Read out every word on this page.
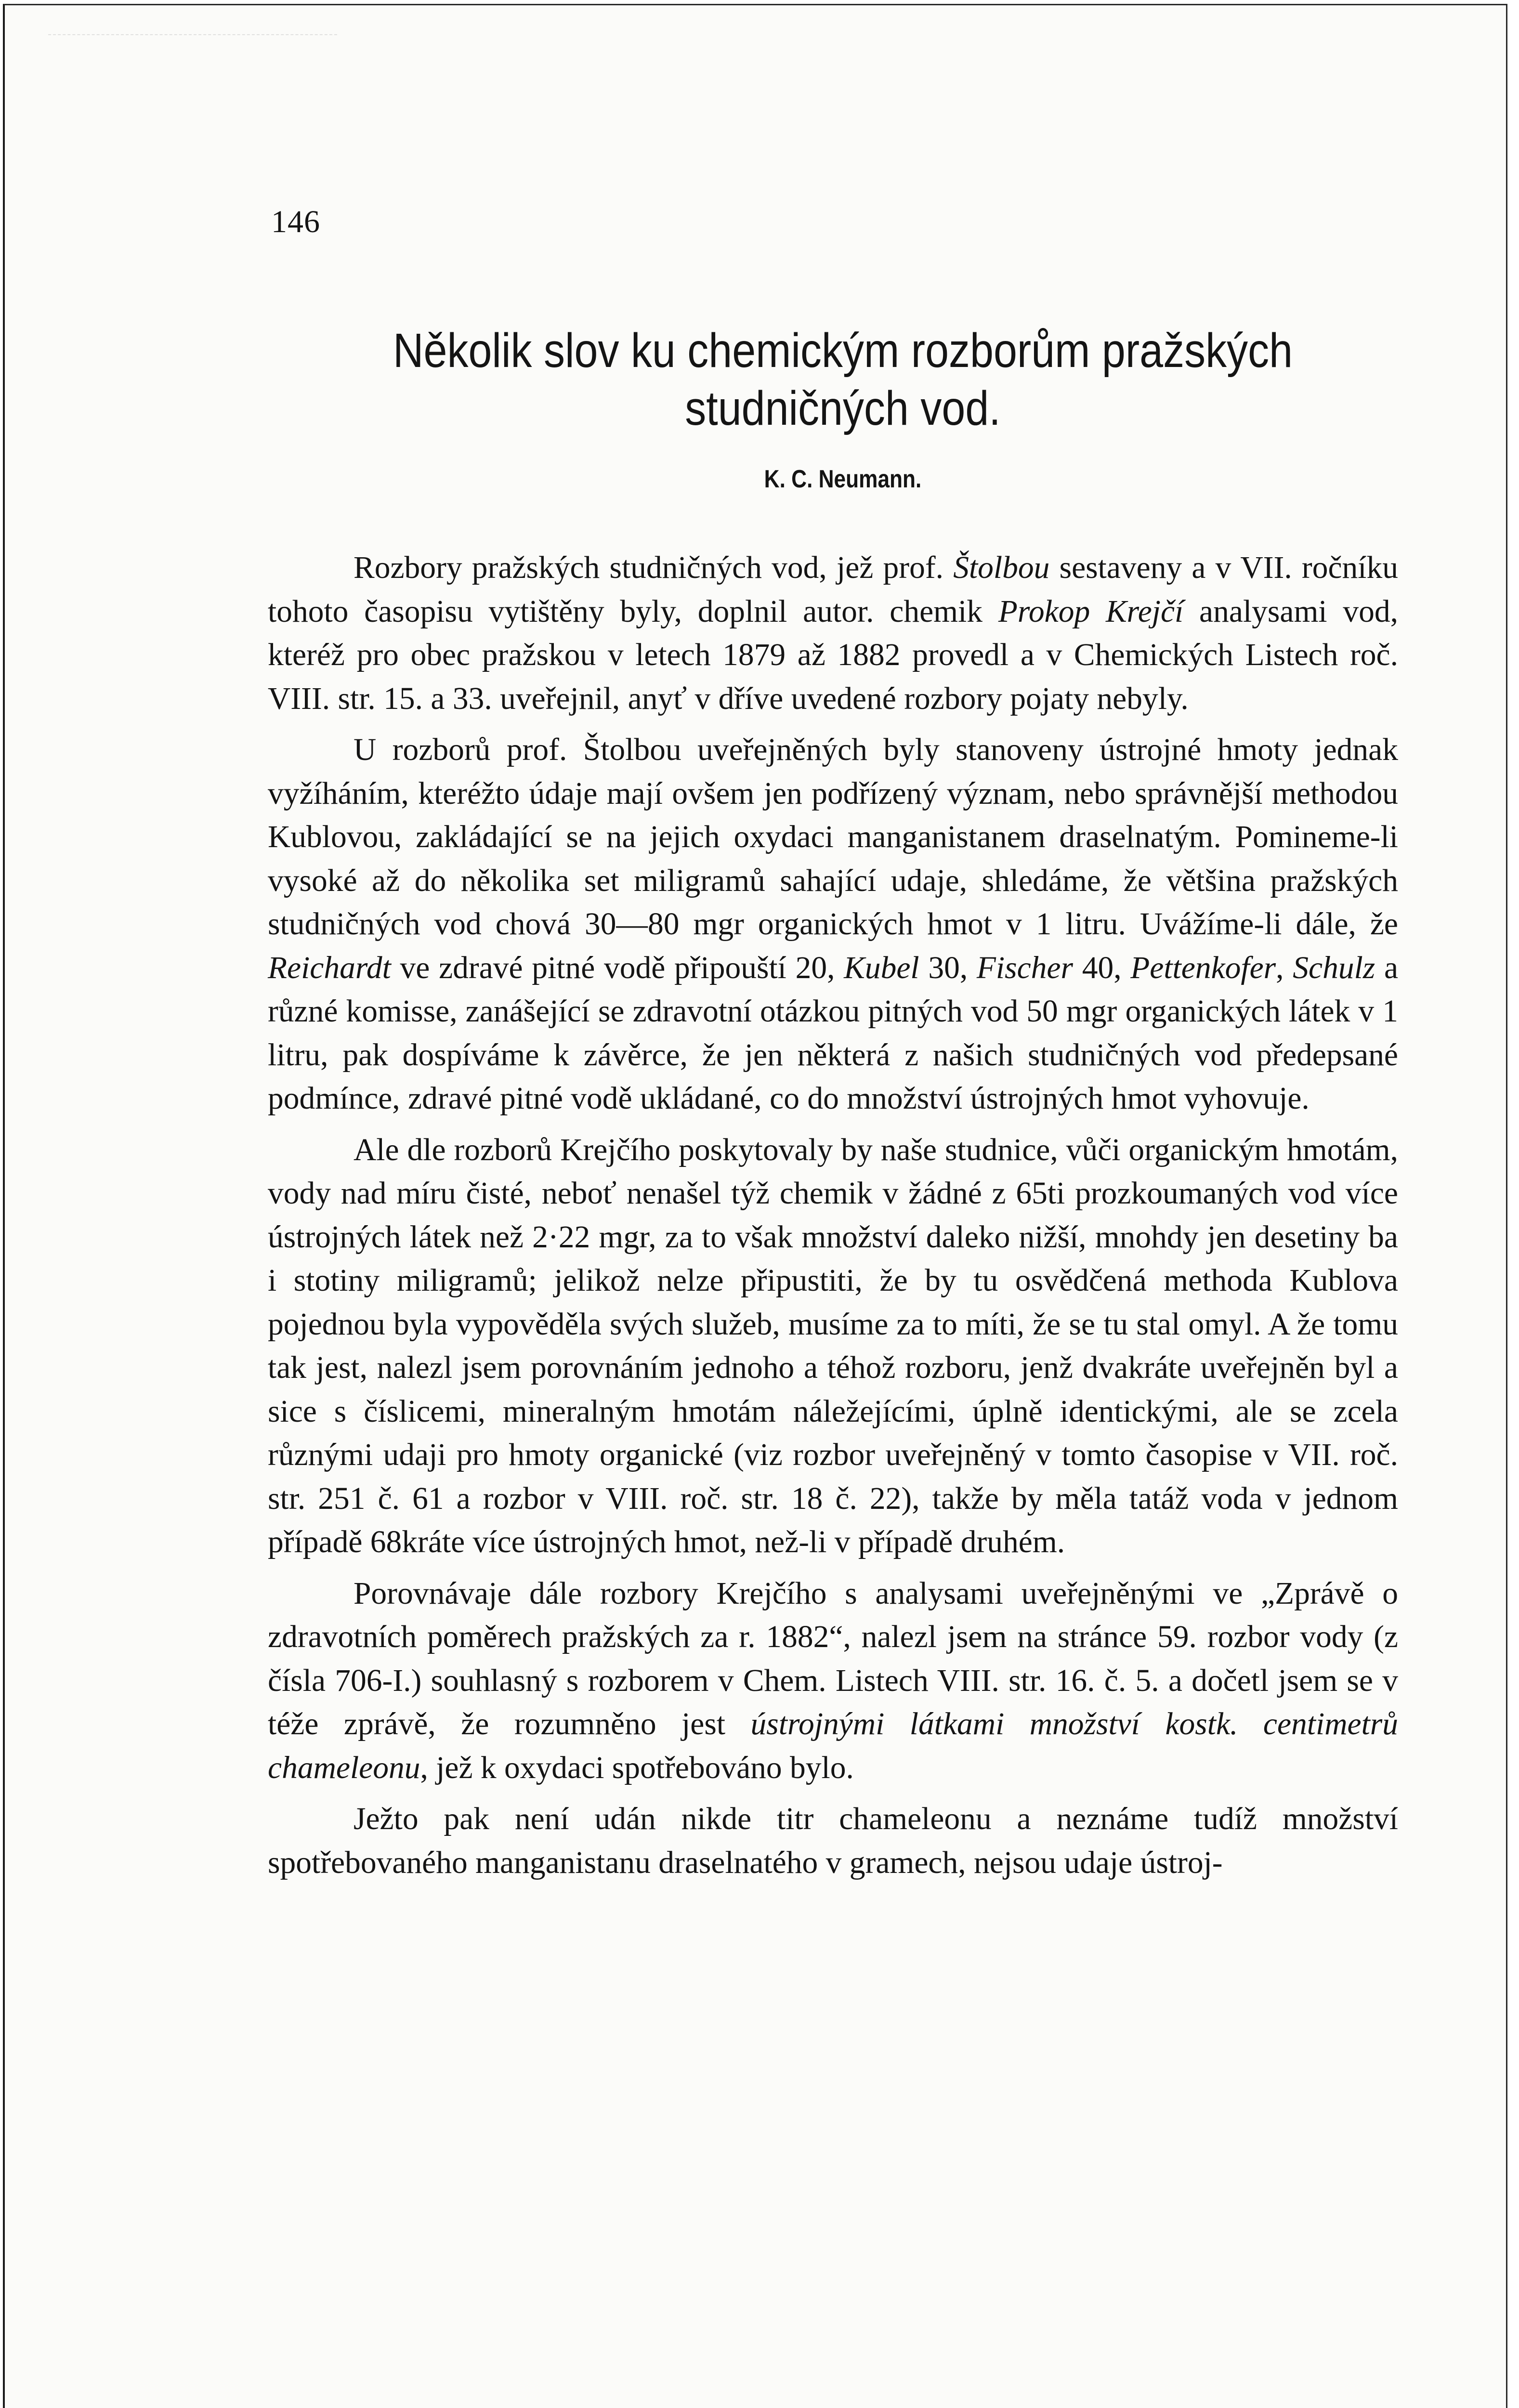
146
Několik slov ku chemickým rozborům pražských
studničných vod.
K. C. Neumann.

Rozbory pražských studničných vod, jež prof. Štolbou sestaveny a v VII. ročníku tohoto časopisu vytištěny byly, doplnil autor. chemik Prokop Krejčí analysami vod, kteréž pro obec pražskou v letech 1879 až 1882 provedl a v Chemických Listech roč. VIII. str. 15. a 33. uveřejnil, anyť v dříve uvedené rozbory pojaty nebyly.

U rozborů prof. Štolbou uveřejněných byly stanoveny ústrojné hmoty jednak vyžíháním, kteréžto údaje mají ovšem jen podřízený význam, nebo správnější methodou Kublovou, zakládající se na jejich oxydaci manganistanem draselnatým. Pomineme-li vysoké až do několika set miligramů sahající udaje, shledáme, že většina pražských studničných vod chová 30—80 mgr organických hmot v 1 litru. Uvážíme-li dále, že Reichardt ve zdravé pitné vodě připouští 20, Kubel 30, Fischer 40, Pettenkofer, Schulz a různé komisse, zanášející se zdravotní otázkou pitných vod 50 mgr organických látek v 1 litru, pak dospíváme k závěrce, že jen některá z našich studničných vod předepsané podmínce, zdravé pitné vodě ukládané, co do množství ústrojných hmot vyhovuje.

Ale dle rozborů Krejčího poskytovaly by naše studnice, vůči organickým hmotám, vody nad míru čisté, neboť nenašel týž chemik v žádné z 65ti prozkoumaných vod více ústrojných látek než 2·22 mgr, za to však množství daleko nižší, mnohdy jen desetiny ba i stotiny miligramů; jelikož nelze připustiti, že by tu osvědčená methoda Kublova pojednou byla vypověděla svých služeb, musíme za to míti, že se tu stal omyl. A že tomu tak jest, nalezl jsem porovnáním jednoho a téhož rozboru, jenž dvakráte uveřejněn byl a sice s číslicemi, mineralným hmotám náležejícími, úplně identickými, ale se zcela různými udaji pro hmoty organické (viz rozbor uveřejněný v tomto časopise v VII. roč. str. 251 č. 61 a rozbor v VIII. roč. str. 18 č. 22), takže by měla tatáž voda v jednom případě 68kráte více ústrojných hmot, než-li v případě druhém.

Porovnávaje dále rozbory Krejčího s analysami uveřejněnými ve „Zprávě o zdravotních poměrech pražských za r. 1882“, nalezl jsem na stránce 59. rozbor vody (z čísla 706-I.) souhlasný s rozborem v Chem. Listech VIII. str. 16. č. 5. a dočetl jsem se v téže zprávě, že rozumněno jest ústrojnými látkami množství kostk. centimetrů chameleonu, jež k oxydaci spotřebováno bylo.

Ježto pak není udán nikde titr chameleonu a neznáme tudíž množství spotřebovaného manganistanu draselnatého v gramech, nejsou udaje ústroj-
